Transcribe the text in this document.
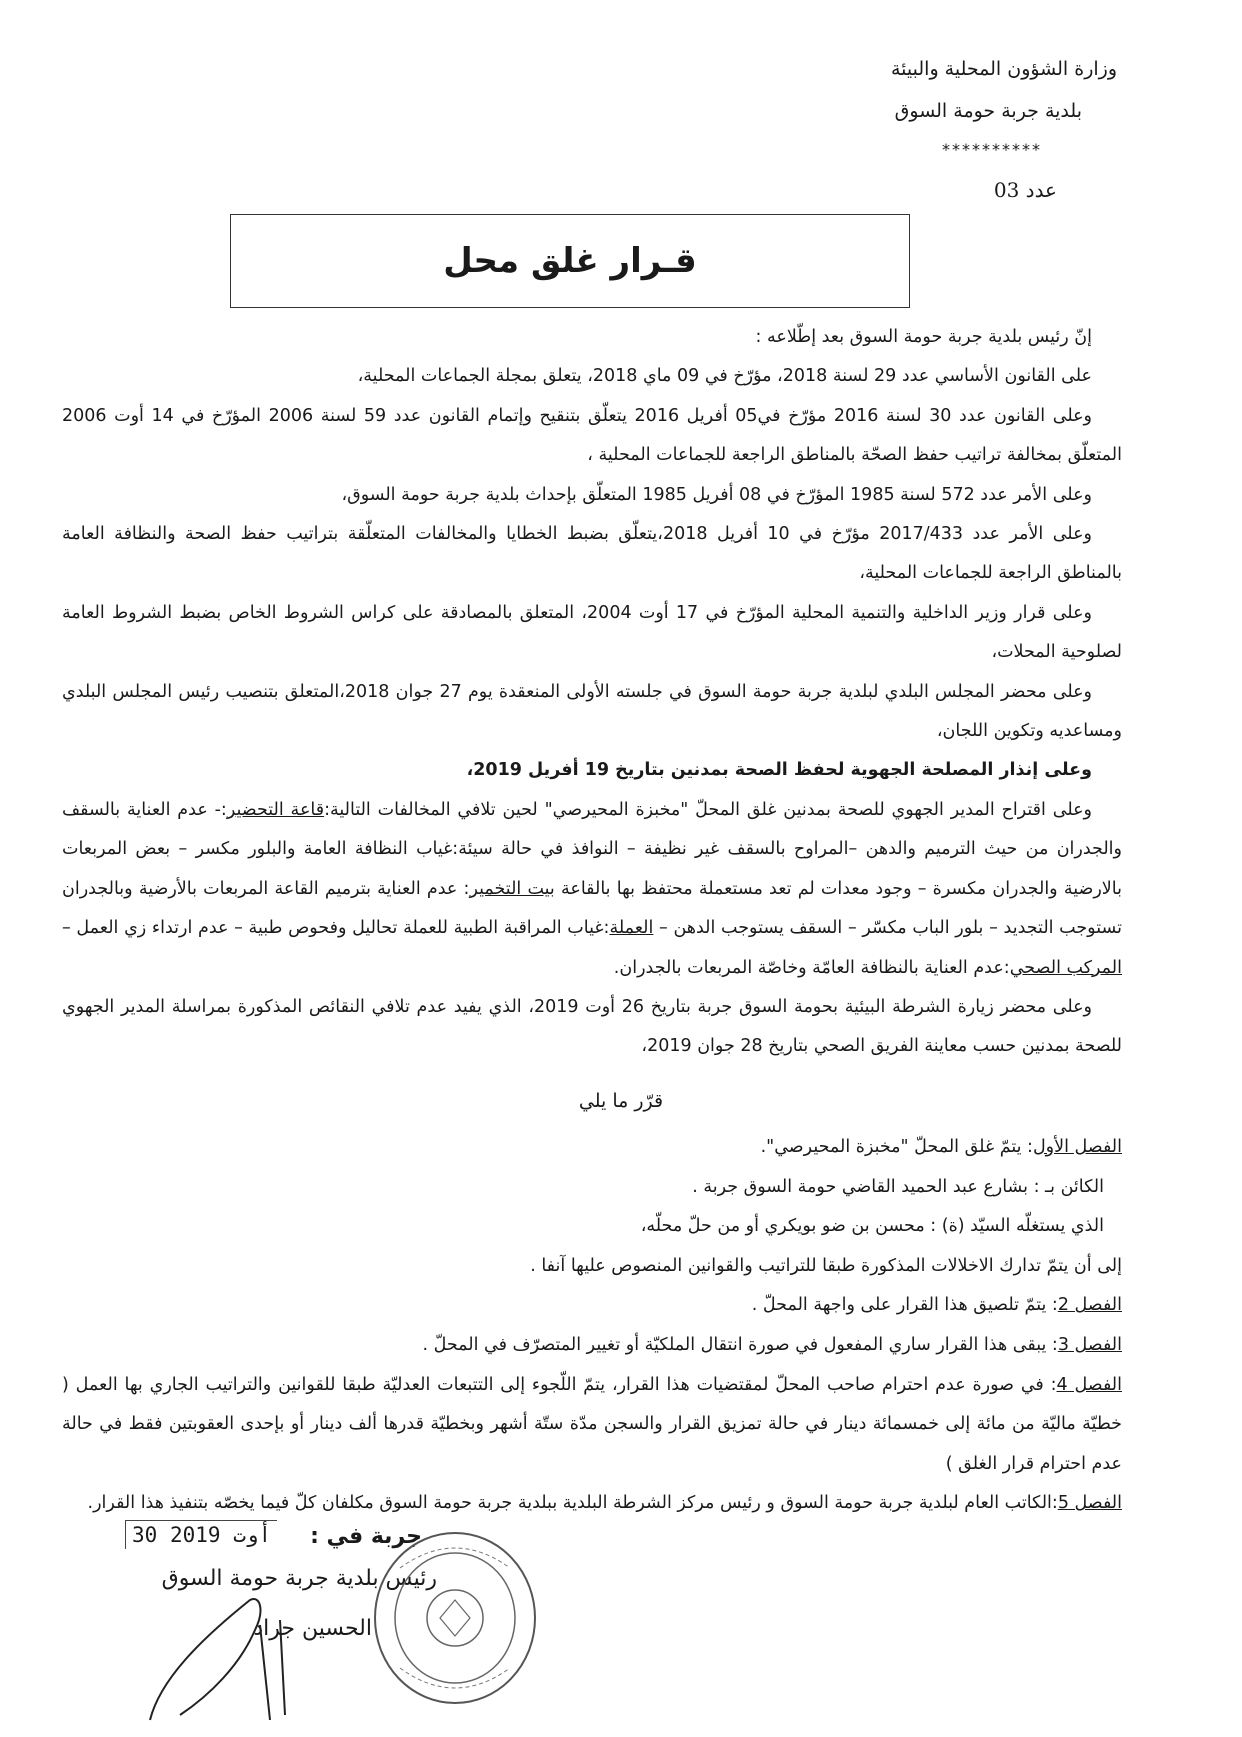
وزارة الشؤون المحلية والبيئة
بلدية جربة حومة السوق
**********
عدد 03
قـرار غلق محل

إنّ رئيس بلدية جربة حومة السوق بعد إطّلاعه :

على القانون الأساسي عدد 29 لسنة 2018، مؤرّخ في 09 ماي 2018، يتعلق بمجلة الجماعات المحلية،

وعلى القانون عدد 30 لسنة 2016 مؤرّخ في05 أفريل 2016 يتعلّق بتنقيح وإتمام القانون عدد 59 لسنة 2006 المؤرّخ في 14 أوت 2006 المتعلّق بمخالفة تراتيب حفظ الصحّة بالمناطق الراجعة للجماعات المحلية ،

وعلى الأمر عدد 572 لسنة 1985 المؤرّخ في 08 أفريل 1985 المتعلّق بإحداث بلدية جربة حومة السوق،

وعلى الأمر عدد 2017/433 مؤرّخ في 10 أفريل 2018،يتعلّق بضبط الخطايا والمخالفات المتعلّقة بتراتيب حفظ الصحة والنظافة العامة بالمناطق الراجعة للجماعات المحلية،

وعلى قرار وزير الداخلية والتنمية المحلية المؤرّخ في 17 أوت 2004، المتعلق بالمصادقة على كراس الشروط الخاص بضبط الشروط العامة لصلوحية المحلات،

وعلى محضر المجلس البلدي لبلدية جربة حومة السوق في جلسته الأولى المنعقدة يوم 27 جوان 2018،المتعلق بتنصيب رئيس المجلس البلدي ومساعديه وتكوين اللجان،

وعلى إنذار المصلحة الجهوية لحفظ الصحة بمدنين بتاريخ 19 أفريل 2019،

وعلى اقتراح المدير الجهوي للصحة بمدنين غلق المحلّ "مخبزة المحيرصي" لحين تلافي المخالفات التالية:قاعة التحضير:- عدم العناية بالسقف والجدران من حيث الترميم والدهن –المراوح بالسقف غير نظيفة – النوافذ في حالة سيئة:غياب النظافة العامة والبلور مكسر – بعض المربعات بالارضية والجدران مكسرة – وجود معدات لم تعد مستعملة محتفظ بها بالقاعة بيت التخمير: عدم العناية بترميم القاعة المربعات بالأرضية وبالجدران تستوجب التجديد – بلور الباب مكسّر – السقف يستوجب الدهن – العملة:غياب المراقبة الطبية للعملة تحاليل وفحوص طبية – عدم ارتداء زي العمل – المركب الصحي:عدم العناية بالنظافة العامّة وخاصّة المربعات بالجدران.

وعلى محضر زيارة الشرطة البيئية بحومة السوق جربة بتاريخ 26 أوت 2019، الذي يفيد عدم تلافي النقائص المذكورة بمراسلة المدير الجهوي للصحة بمدنين حسب معاينة الفريق الصحي بتاريخ 28 جوان 2019،

قرّر ما يلي

الفصل الأول: يتمّ غلق المحلّ "مخبزة المحيرصي".

الكائن بـ : بشارع عبد الحميد القاضي حومة السوق جربة .

الذي يستغلّه السيّد (ة) : محسن بن ضو بويكري أو من حلّ محلّه،

إلى أن يتمّ تدارك الاخلالات المذكورة طبقا للتراتيب والقوانين المنصوص عليها آنفا .

الفصل 2: يتمّ تلصيق هذا القرار على واجهة المحلّ .

الفصل 3: يبقى هذا القرار ساري المفعول في صورة انتقال الملكيّة أو تغيير المتصرّف في المحلّ .

الفصل 4: في صورة عدم احترام صاحب المحلّ لمقتضيات هذا القرار، يتمّ اللّجوء إلى التتبعات العدليّة طبقا للقوانين والتراتيب الجاري بها العمل ( خطيّة ماليّة من مائة إلى خمسمائة دينار في حالة تمزيق القرار والسجن مدّة ستّة أشهر وبخطيّة قدرها ألف دينار أو بإحدى العقوبتين فقط في حالة عدم احترام قرار الغلق )

الفصل 5:الكاتب العام لبلدية جربة حومة السوق و رئيس مركز الشرطة البلدية ببلدية جربة حومة السوق مكلفان كلّ فيما يخصّه بتنفيذ هذا القرار.

جربة في :
30 أوت 2019
رئيس بلدية جربة حومة السوق
الحسين جراد
